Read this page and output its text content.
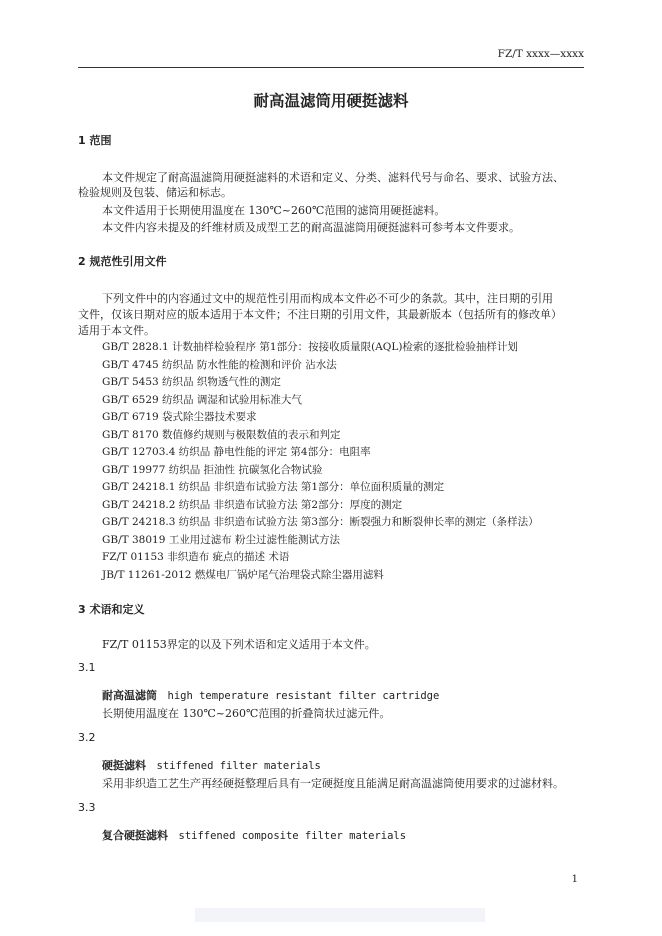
FZ/T xxxx—xxxx
耐高温滤筒用硬挺滤料
1 范围
本文件规定了耐高温滤筒用硬挺滤料的术语和定义、分类、滤料代号与命名、要求、试验方法、
检验规则及包装、储运和标志。
本文件适用于长期使用温度在 130℃~260℃范围的滤筒用硬挺滤料。
本文件内容未提及的纤维材质及成型工艺的耐高温滤筒用硬挺滤料可参考本文件要求。
2 规范性引用文件
下列文件中的内容通过文中的规范性引用而构成本文件必不可少的条款。其中，注日期的引用
文件，仅该日期对应的版本适用于本文件；不注日期的引用文件，其最新版本（包括所有的修改单）
适用于本文件。
GB/T 2828.1 计数抽样检验程序 第1部分：按接收质量限(AQL)检索的逐批检验抽样计划
GB/T 4745 纺织品 防水性能的检测和评价 沾水法
GB/T 5453 纺织品 织物透气性的测定
GB/T 6529 纺织品 调湿和试验用标准大气
GB/T 6719 袋式除尘器技术要求
GB/T 8170 数值修约规则与极限数值的表示和判定
GB/T 12703.4 纺织品 静电性能的评定 第4部分：电阻率
GB/T 19977 纺织品 拒油性 抗碳氢化合物试验
GB/T 24218.1 纺织品 非织造布试验方法 第1部分：单位面积质量的测定
GB/T 24218.2 纺织品 非织造布试验方法 第2部分：厚度的测定
GB/T 24218.3 纺织品 非织造布试验方法 第3部分：断裂强力和断裂伸长率的测定（条样法）
GB/T 38019 工业用过滤布 粉尘过滤性能测试方法
FZ/T 01153 非织造布 疵点的描述 术语
JB/T 11261-2012 燃煤电厂锅炉尾气治理袋式除尘器用滤料
3 术语和定义
FZ/T 01153界定的以及下列术语和定义适用于本文件。
3.1
耐高温滤筒 high temperature resistant filter cartridge
长期使用温度在 130℃~260℃范围的折叠筒状过滤元件。
3.2
硬挺滤料 stiffened filter materials
采用非织造工艺生产再经硬挺整理后具有一定硬挺度且能满足耐高温滤筒使用要求的过滤材料。
3.3
复合硬挺滤料 stiffened composite filter materials
1
